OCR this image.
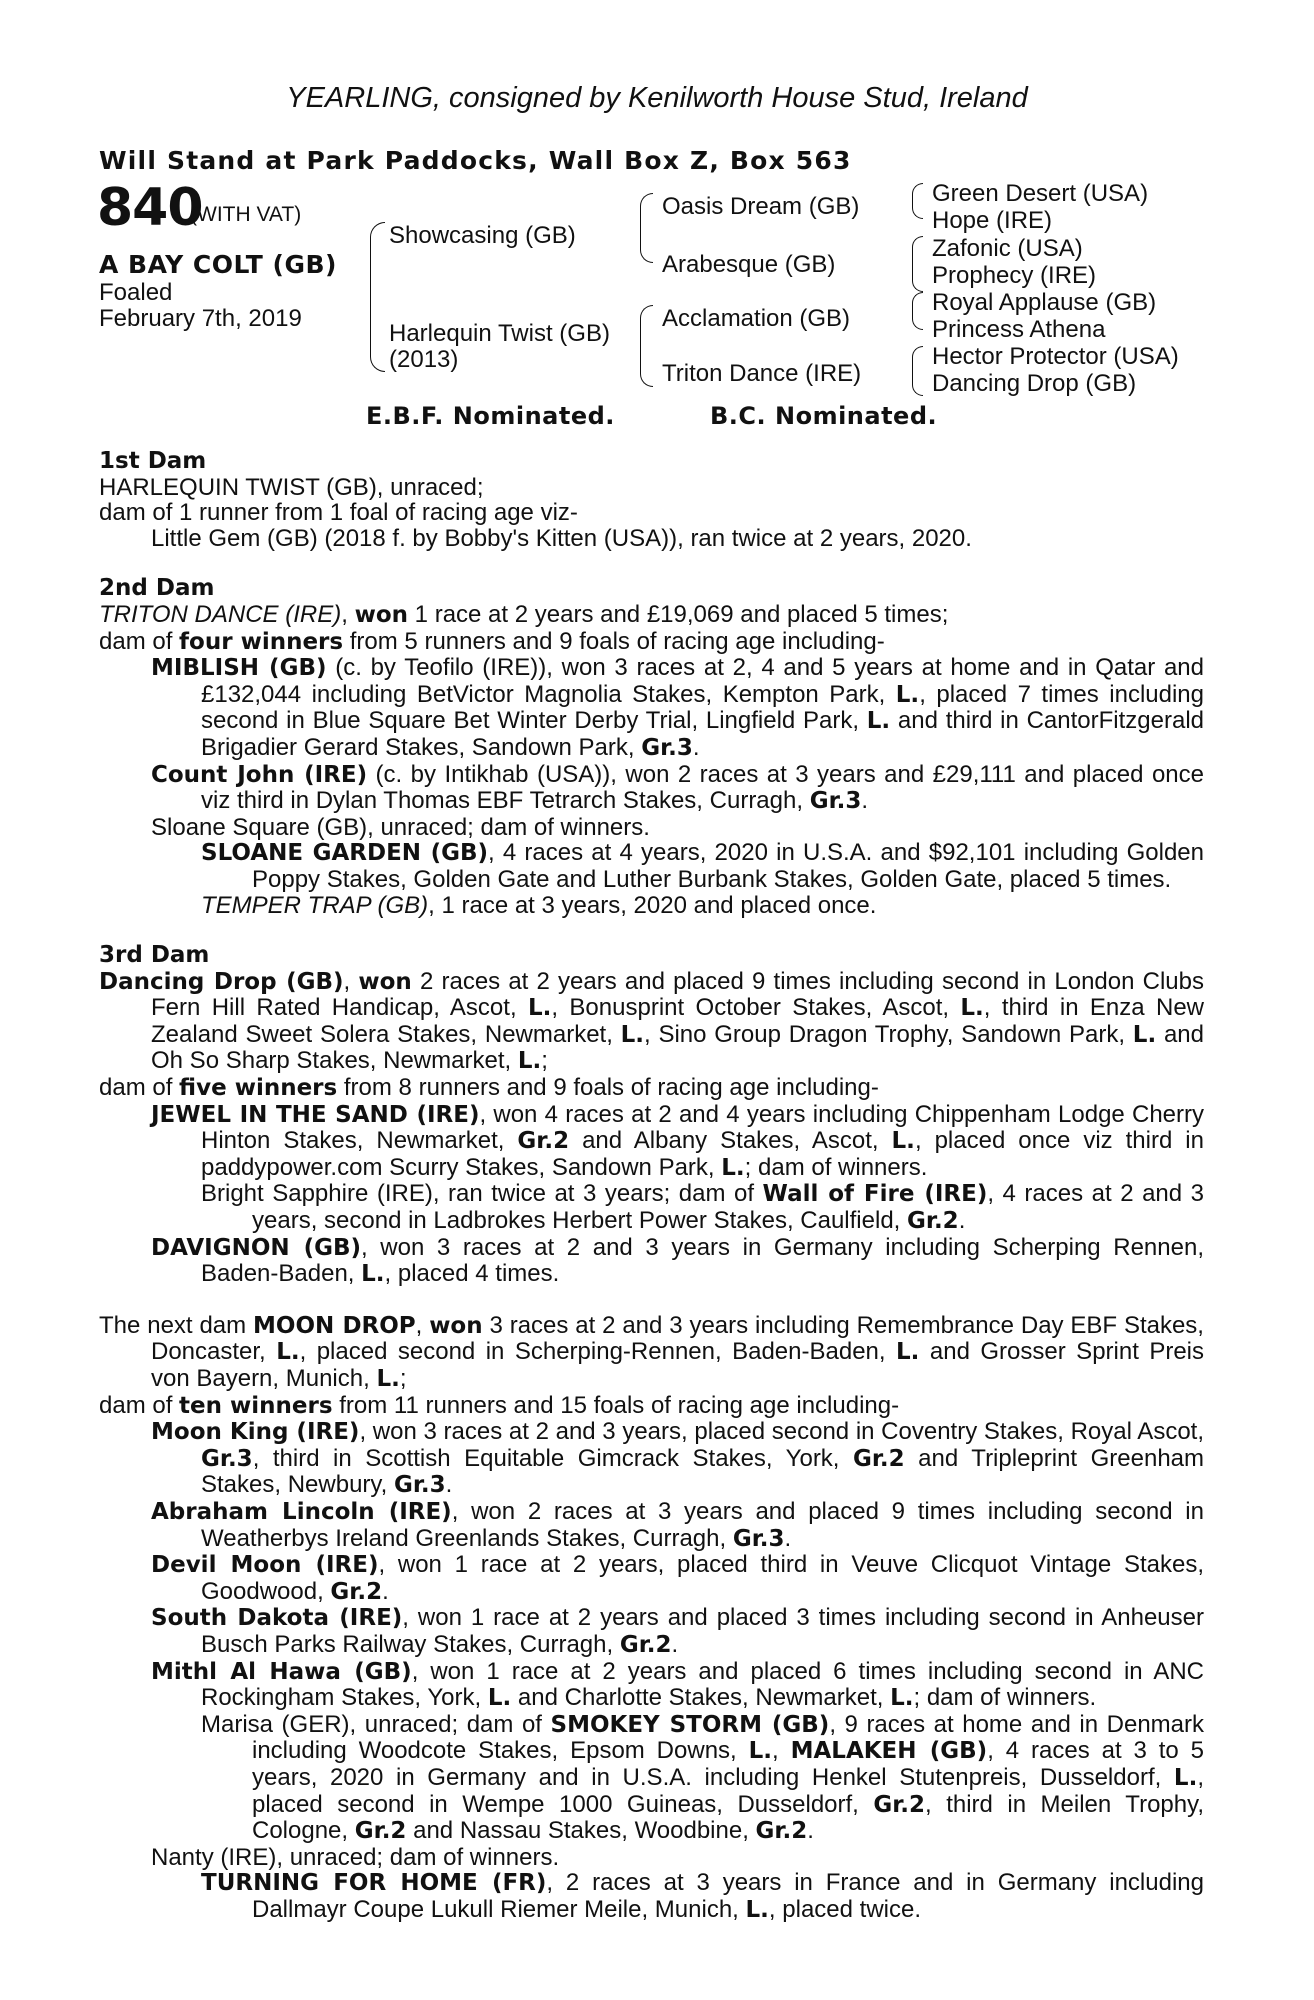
YEARLING, consigned by Kenilworth House Stud, Ireland
Will Stand at Park Paddocks, Wall Box Z, Box 563
840
(WITH VAT)
A BAY COLT (GB)
Foaled
February 7th, 2019
Showcasing (GB)
Harlequin Twist (GB)
(2013)
Oasis Dream (GB)
Arabesque (GB)
Acclamation (GB)
Triton Dance (IRE)
Green Desert (USA)
Hope (IRE)
Zafonic (USA)
Prophecy (IRE)
Royal Applause (GB)
Princess Athena
Hector Protector (USA)
Dancing Drop (GB)
E.B.F. Nominated.	B.C. Nominated.

1st Dam

HARLEQUIN TWIST (GB), unraced;

dam of 1 runner from 1 foal of racing age viz-

Little Gem (GB) (2018 f. by Bobby's Kitten (USA)), ran twice at 2 years, 2020.

2nd Dam

TRITON DANCE (IRE), won 1 race at 2 years and £19,069 and placed 5 times;

dam of four winners from 5 runners and 9 foals of racing age including-

MIBLISH (GB) (c. by Teofilo (IRE)), won 3 races at 2, 4 and 5 years at home and in Qatar and £132,044 including BetVictor Magnolia Stakes, Kempton Park, L., placed 7 times including second in Blue Square Bet Winter Derby Trial, Lingfield Park, L. and third in CantorFitzgerald Brigadier Gerard Stakes, Sandown Park, Gr.3.

Count John (IRE) (c. by Intikhab (USA)), won 2 races at 3 years and £29,111 and placed once viz third in Dylan Thomas EBF Tetrarch Stakes, Curragh, Gr.3.

Sloane Square (GB), unraced; dam of winners.

SLOANE GARDEN (GB), 4 races at 4 years, 2020 in U.S.A. and $92,101 including Golden Poppy Stakes, Golden Gate and Luther Burbank Stakes, Golden Gate, placed 5 times.

TEMPER TRAP (GB), 1 race at 3 years, 2020 and placed once.

3rd Dam

Dancing Drop (GB), won 2 races at 2 years and placed 9 times including second in London Clubs Fern Hill Rated Handicap, Ascot, L., Bonusprint October Stakes, Ascot, L., third in Enza New Zealand Sweet Solera Stakes, Newmarket, L., Sino Group Dragon Trophy, Sandown Park, L. and Oh So Sharp Stakes, Newmarket, L.;

dam of five winners from 8 runners and 9 foals of racing age including-

JEWEL IN THE SAND (IRE), won 4 races at 2 and 4 years including Chippenham Lodge Cherry Hinton Stakes, Newmarket, Gr.2 and Albany Stakes, Ascot, L., placed once viz third in paddypower.com Scurry Stakes, Sandown Park, L.; dam of winners.

Bright Sapphire (IRE), ran twice at 3 years; dam of Wall of Fire (IRE), 4 races at 2 and 3 years, second in Ladbrokes Herbert Power Stakes, Caulfield, Gr.2.

DAVIGNON (GB), won 3 races at 2 and 3 years in Germany including Scherping Rennen, Baden-Baden, L., placed 4 times.

The next dam MOON DROP, won 3 races at 2 and 3 years including Remembrance Day EBF Stakes, Doncaster, L., placed second in Scherping-Rennen, Baden-Baden, L. and Grosser Sprint Preis von Bayern, Munich, L.;

dam of ten winners from 11 runners and 15 foals of racing age including-

Moon King (IRE), won 3 races at 2 and 3 years, placed second in Coventry Stakes, Royal Ascot, Gr.3, third in Scottish Equitable Gimcrack Stakes, York, Gr.2 and Tripleprint Greenham Stakes, Newbury, Gr.3.

Abraham Lincoln (IRE), won 2 races at 3 years and placed 9 times including second in Weatherbys Ireland Greenlands Stakes, Curragh, Gr.3.

Devil Moon (IRE), won 1 race at 2 years, placed third in Veuve Clicquot Vintage Stakes, Goodwood, Gr.2.

South Dakota (IRE), won 1 race at 2 years and placed 3 times including second in Anheuser Busch Parks Railway Stakes, Curragh, Gr.2.

Mithl Al Hawa (GB), won 1 race at 2 years and placed 6 times including second in ANC Rockingham Stakes, York, L. and Charlotte Stakes, Newmarket, L.; dam of winners.

Marisa (GER), unraced; dam of SMOKEY STORM (GB), 9 races at home and in Denmark including Woodcote Stakes, Epsom Downs, L., MALAKEH (GB), 4 races at 3 to 5 years, 2020 in Germany and in U.S.A. including Henkel Stutenpreis, Dusseldorf, L., placed second in Wempe 1000 Guineas, Dusseldorf, Gr.2, third in Meilen Trophy, Cologne, Gr.2 and Nassau Stakes, Woodbine, Gr.2.

Nanty (IRE), unraced; dam of winners.

TURNING FOR HOME (FR), 2 races at 3 years in France and in Germany including Dallmayr Coupe Lukull Riemer Meile, Munich, L., placed twice.
